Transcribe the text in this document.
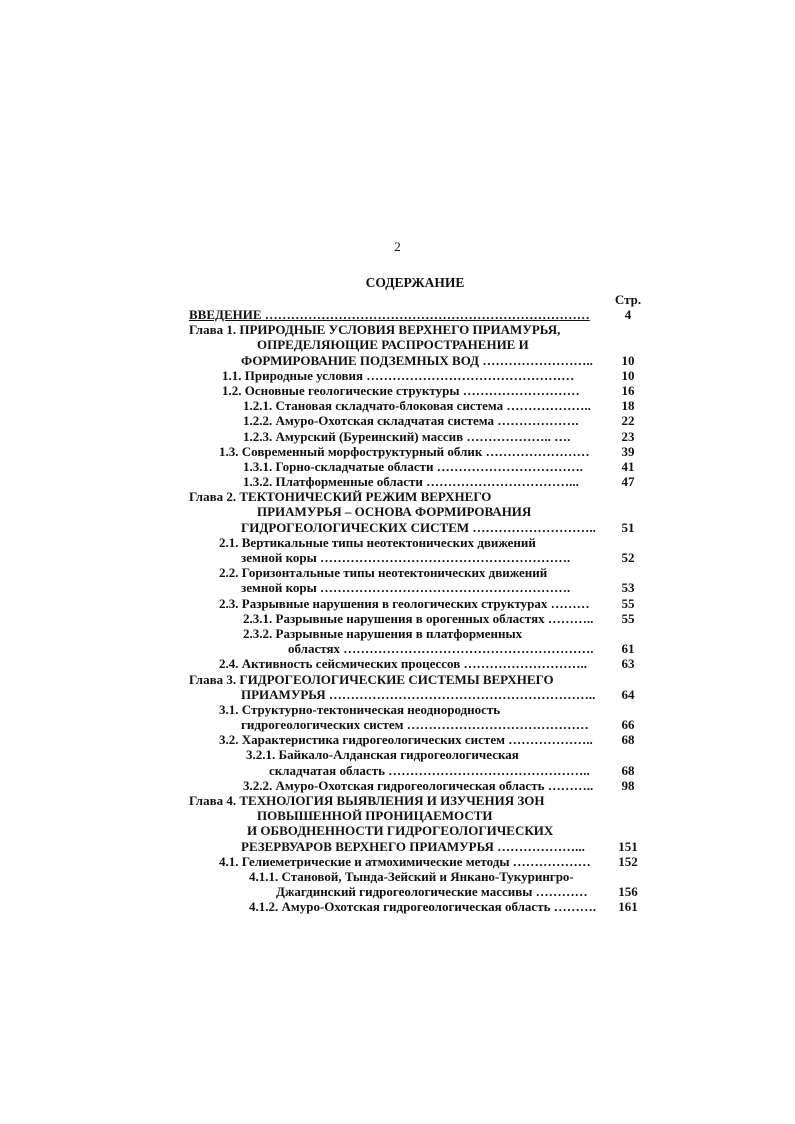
2
СОДЕРЖАНИЕ
Стр.
ВВЕДЕНИЕ …………………………………………………………………	4
Глава 1. ПРИРОДНЫЕ УСЛОВИЯ ВЕРХНЕГО ПРИАМУРЬЯ,
ОПРЕДЕЛЯЮЩИЕ РАСПРОСТРАНЕНИЕ И
ФОРМИРОВАНИЕ ПОДЗЕМНЫХ ВОД ……………………..	10
1.1. Природные условия …………………………………………	10
1.2. Основные геологические структуры ………………………	16
1.2.1. Становая складчато-блоковая система ………………..	18
1.2.2. Амуро-Охотская складчатая система ……………….	22
1.2.3. Амурский (Буреинский) массив ……………….. ….	23
1.3. Современный морфоструктурный облик ……………………	39
1.3.1. Горно-складчатые области …………………………….	41
1.3.2. Платформенные области ……………………………...	47
Глава 2. ТЕКТОНИЧЕСКИЙ РЕЖИМ ВЕРХНЕГО
ПРИАМУРЬЯ – ОСНОВА ФОРМИРОВАНИЯ
ГИДРОГЕОЛОГИЧЕСКИХ СИСТЕМ ………………………..	51
2.1. Вертикальные типы неотектонических движений
земной коры ………………………………………………….	52
2.2. Горизонтальные типы неотектонических движений
земной коры ………………………………………………….	53
2.3. Разрывные нарушения в геологических структурах ………	55
2.3.1. Разрывные нарушения в орогенных областях ………..	55
2.3.2. Разрывные нарушения в платформенных
областях ………………………………………………….	61
2.4. Активность сейсмических процессов ………………………..	63
Глава 3. ГИДРОГЕОЛОГИЧЕСКИЕ СИСТЕМЫ ВЕРХНЕГО
ПРИАМУРЬЯ ……………………………………………………..	64
3.1. Структурно-тектоническая неоднородность
гидрогеологических систем ……………………………………	66
3.2. Характеристика гидрогеологических систем ………………..	68
3.2.1. Байкало-Алданская гидрогеологическая
складчатая область ………………………………………..	68
3.2.2. Амуро-Охотская гидрогеологическая область ………..	98
Глава 4. ТЕХНОЛОГИЯ ВЫЯВЛЕНИЯ И ИЗУЧЕНИЯ ЗОН
ПОВЫШЕННОЙ ПРОНИЦАЕМОСТИ
И ОБВОДНЕННОСТИ ГИДРОГЕОЛОГИЧЕСКИХ
РЕЗЕРВУАРОВ ВЕРХНЕГО ПРИАМУРЬЯ ………………...	151
4.1. Гелиеметрические и атмохимические методы ………………	152
4.1.1. Становой, Тында-Зейский и Янкано-Тукурингро-
Джагдинский гидрогеологические массивы …………	156
4.1.2. Амуро-Охотская гидрогеологическая область ……….	161
